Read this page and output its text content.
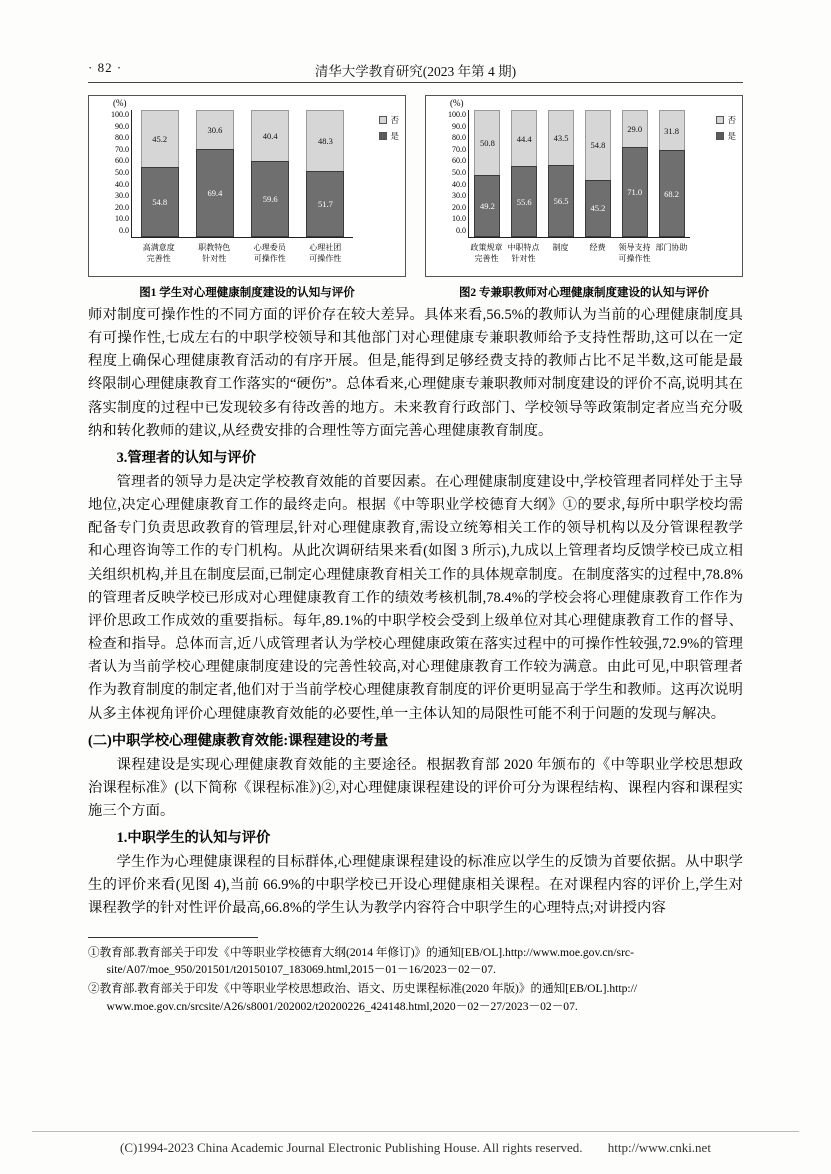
· 82 ·	清华大学教育研究(2023 年第 4 期)
(%)
100.0
90.0
80.0
70.0
60.0
50.0
40.0
30.0
20.0
10.0
0.0
45.2
54.8
30.6
69.4
40.4
59.6
48.3
51.7
高满意度
完善性
职教特色
针对性
心理委员
可操作性
心理社团
可操作性
否
是
图1 学生对心理健康制度建设的认知与评价
(%)
100.0
90.0
80.0
70.0
60.0
50.0
40.0
30.0
20.0
10.0
0.0
50.8
49.2
44.4
55.6
43.5
56.5
54.8
45.2
29.0
71.0
31.8
68.2
政策规章
完善性
中职特点
针对性
制度	经费	领导支持
可操作性
部门协助
否
是
图2 专兼职教师对心理健康制度建设的认知与评价

师对制度可操作性的不同方面的评价存在较大差异。具体来看,56.5%的教师认为当前的心理健康制度具有可操作性,七成左右的中职学校领导和其他部门对心理健康专兼职教师给予支持性帮助,这可以在一定程度上确保心理健康教育活动的有序开展。但是,能得到足够经费支持的教师占比不足半数,这可能是最终限制心理健康教育工作落实的“硬伤”。总体看来,心理健康专兼职教师对制度建设的评价不高,说明其在落实制度的过程中已发现较多有待改善的地方。未来教育行政部门、学校领导等政策制定者应当充分吸纳和转化教师的建议,从经费安排的合理性等方面完善心理健康教育制度。

3.管理者的认知与评价

管理者的领导力是决定学校教育效能的首要因素。在心理健康制度建设中,学校管理者同样处于主导地位,决定心理健康教育工作的最终走向。根据《中等职业学校德育大纲》①的要求,每所中职学校均需配备专门负责思政教育的管理层,针对心理健康教育,需设立统筹相关工作的领导机构以及分管课程教学和心理咨询等工作的专门机构。从此次调研结果来看(如图 3 所示),九成以上管理者均反馈学校已成立相关组织机构,并且在制度层面,已制定心理健康教育相关工作的具体规章制度。在制度落实的过程中,78.8%的管理者反映学校已形成对心理健康教育工作的绩效考核机制,78.4%的学校会将心理健康教育工作作为评价思政工作成效的重要指标。每年,89.1%的中职学校会受到上级单位对其心理健康教育工作的督导、检查和指导。总体而言,近八成管理者认为学校心理健康政策在落实过程中的可操作性较强,72.9%的管理者认为当前学校心理健康制度建设的完善性较高,对心理健康教育工作较为满意。由此可见,中职管理者作为教育制度的制定者,他们对于当前学校心理健康教育制度的评价更明显高于学生和教师。这再次说明从多主体视角评价心理健康教育效能的必要性,单一主体认知的局限性可能不利于问题的发现与解决。

(二)中职学校心理健康教育效能:课程建设的考量

课程建设是实现心理健康教育效能的主要途径。根据教育部 2020 年颁布的《中等职业学校思想政治课程标准》(以下简称《课程标准》)②,对心理健康课程建设的评价可分为课程结构、课程内容和课程实施三个方面。

1.中职学生的认知与评价

学生作为心理健康课程的目标群体,心理健康课程建设的标准应以学生的反馈为首要依据。从中职学生的评价来看(见图 4),当前 66.9%的中职学校已开设心理健康相关课程。在对课程内容的评价上,学生对课程教学的针对性评价最高,66.8%的学生认为教学内容符合中职学生的心理特点;对讲授内容

①教育部.教育部关于印发《中等职业学校德育大纲(2014 年修订)》的通知[EB/OL].http://www.moe.gov.cn/src-
site/A07/moe_950/201501/t20150107_183069.html,2015－01－16/2023－02－07.

②教育部.教育部关于印发《中等职业学校思想政治、语文、历史课程标准(2020 年版)》的通知[EB/OL].http://
www.moe.gov.cn/srcsite/A26/s8001/202002/t20200226_424148.html,2020－02－27/2023－02－07.

(C)1994-2023 China Academic Journal Electronic Publishing House. All rights reserved. http://www.cnki.net
